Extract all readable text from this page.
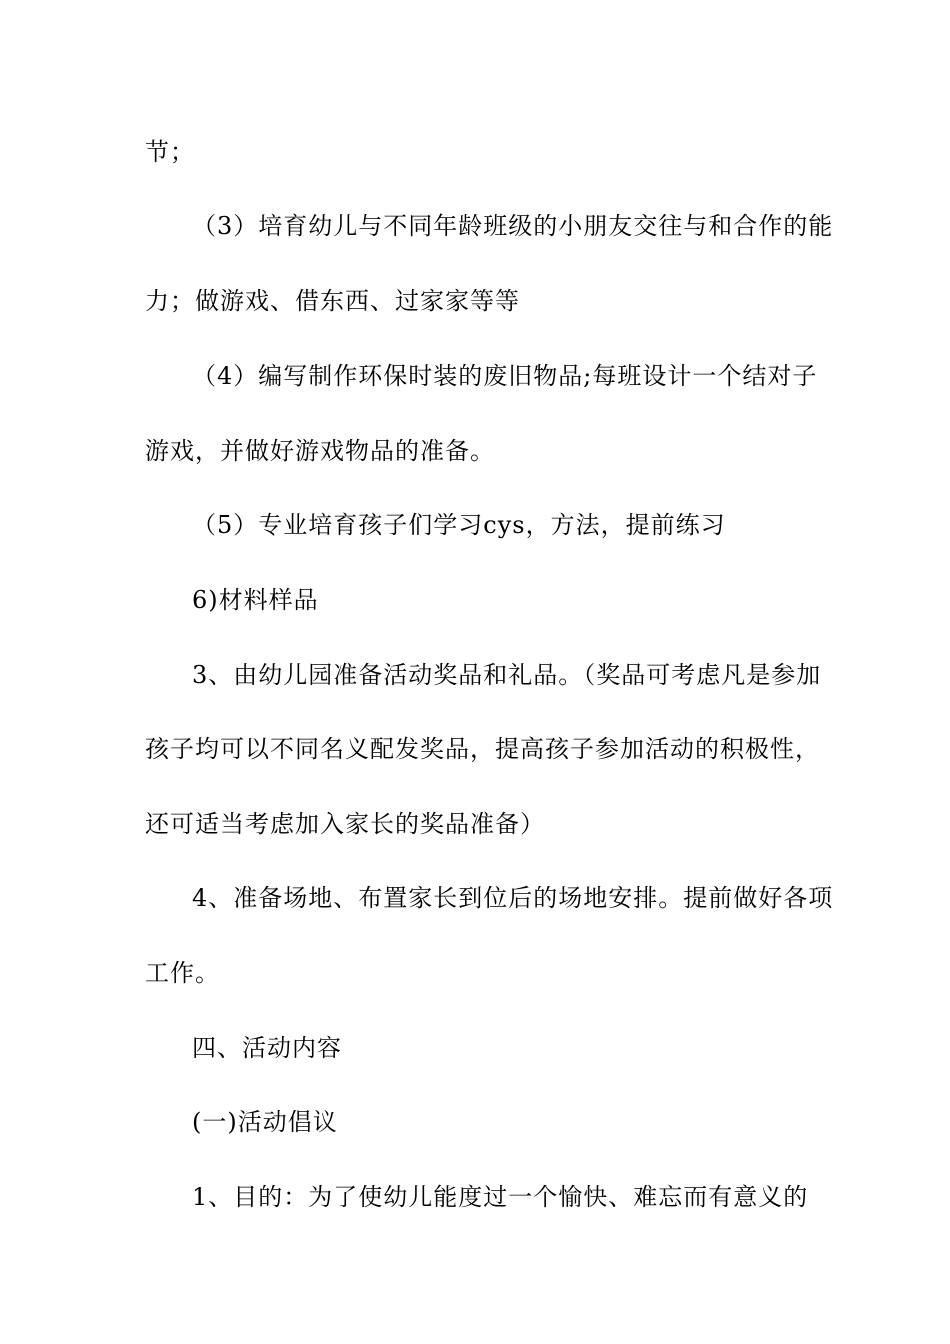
节；
（3）培育幼儿与不同年龄班级的小朋友交往与和合作的能
力；做游戏、借东西、过家家等等
（4）编写制作环保时装的废旧物品;每班设计一个结对子
游戏，并做好游戏物品的准备。
（5）专业培育孩子们学习cys，方法，提前练习
6)材料样品
3、由幼儿园准备活动奖品和礼品。（奖品可考虑凡是参加
孩子均可以不同名义配发奖品，提高孩子参加活动的积极性，
还可适当考虑加入家长的奖品准备）
4、准备场地、布置家长到位后的场地安排。提前做好各项
工作。
四、活动内容
(一)活动倡议
1、目的：为了使幼儿能度过一个愉快、难忘而有意义的
